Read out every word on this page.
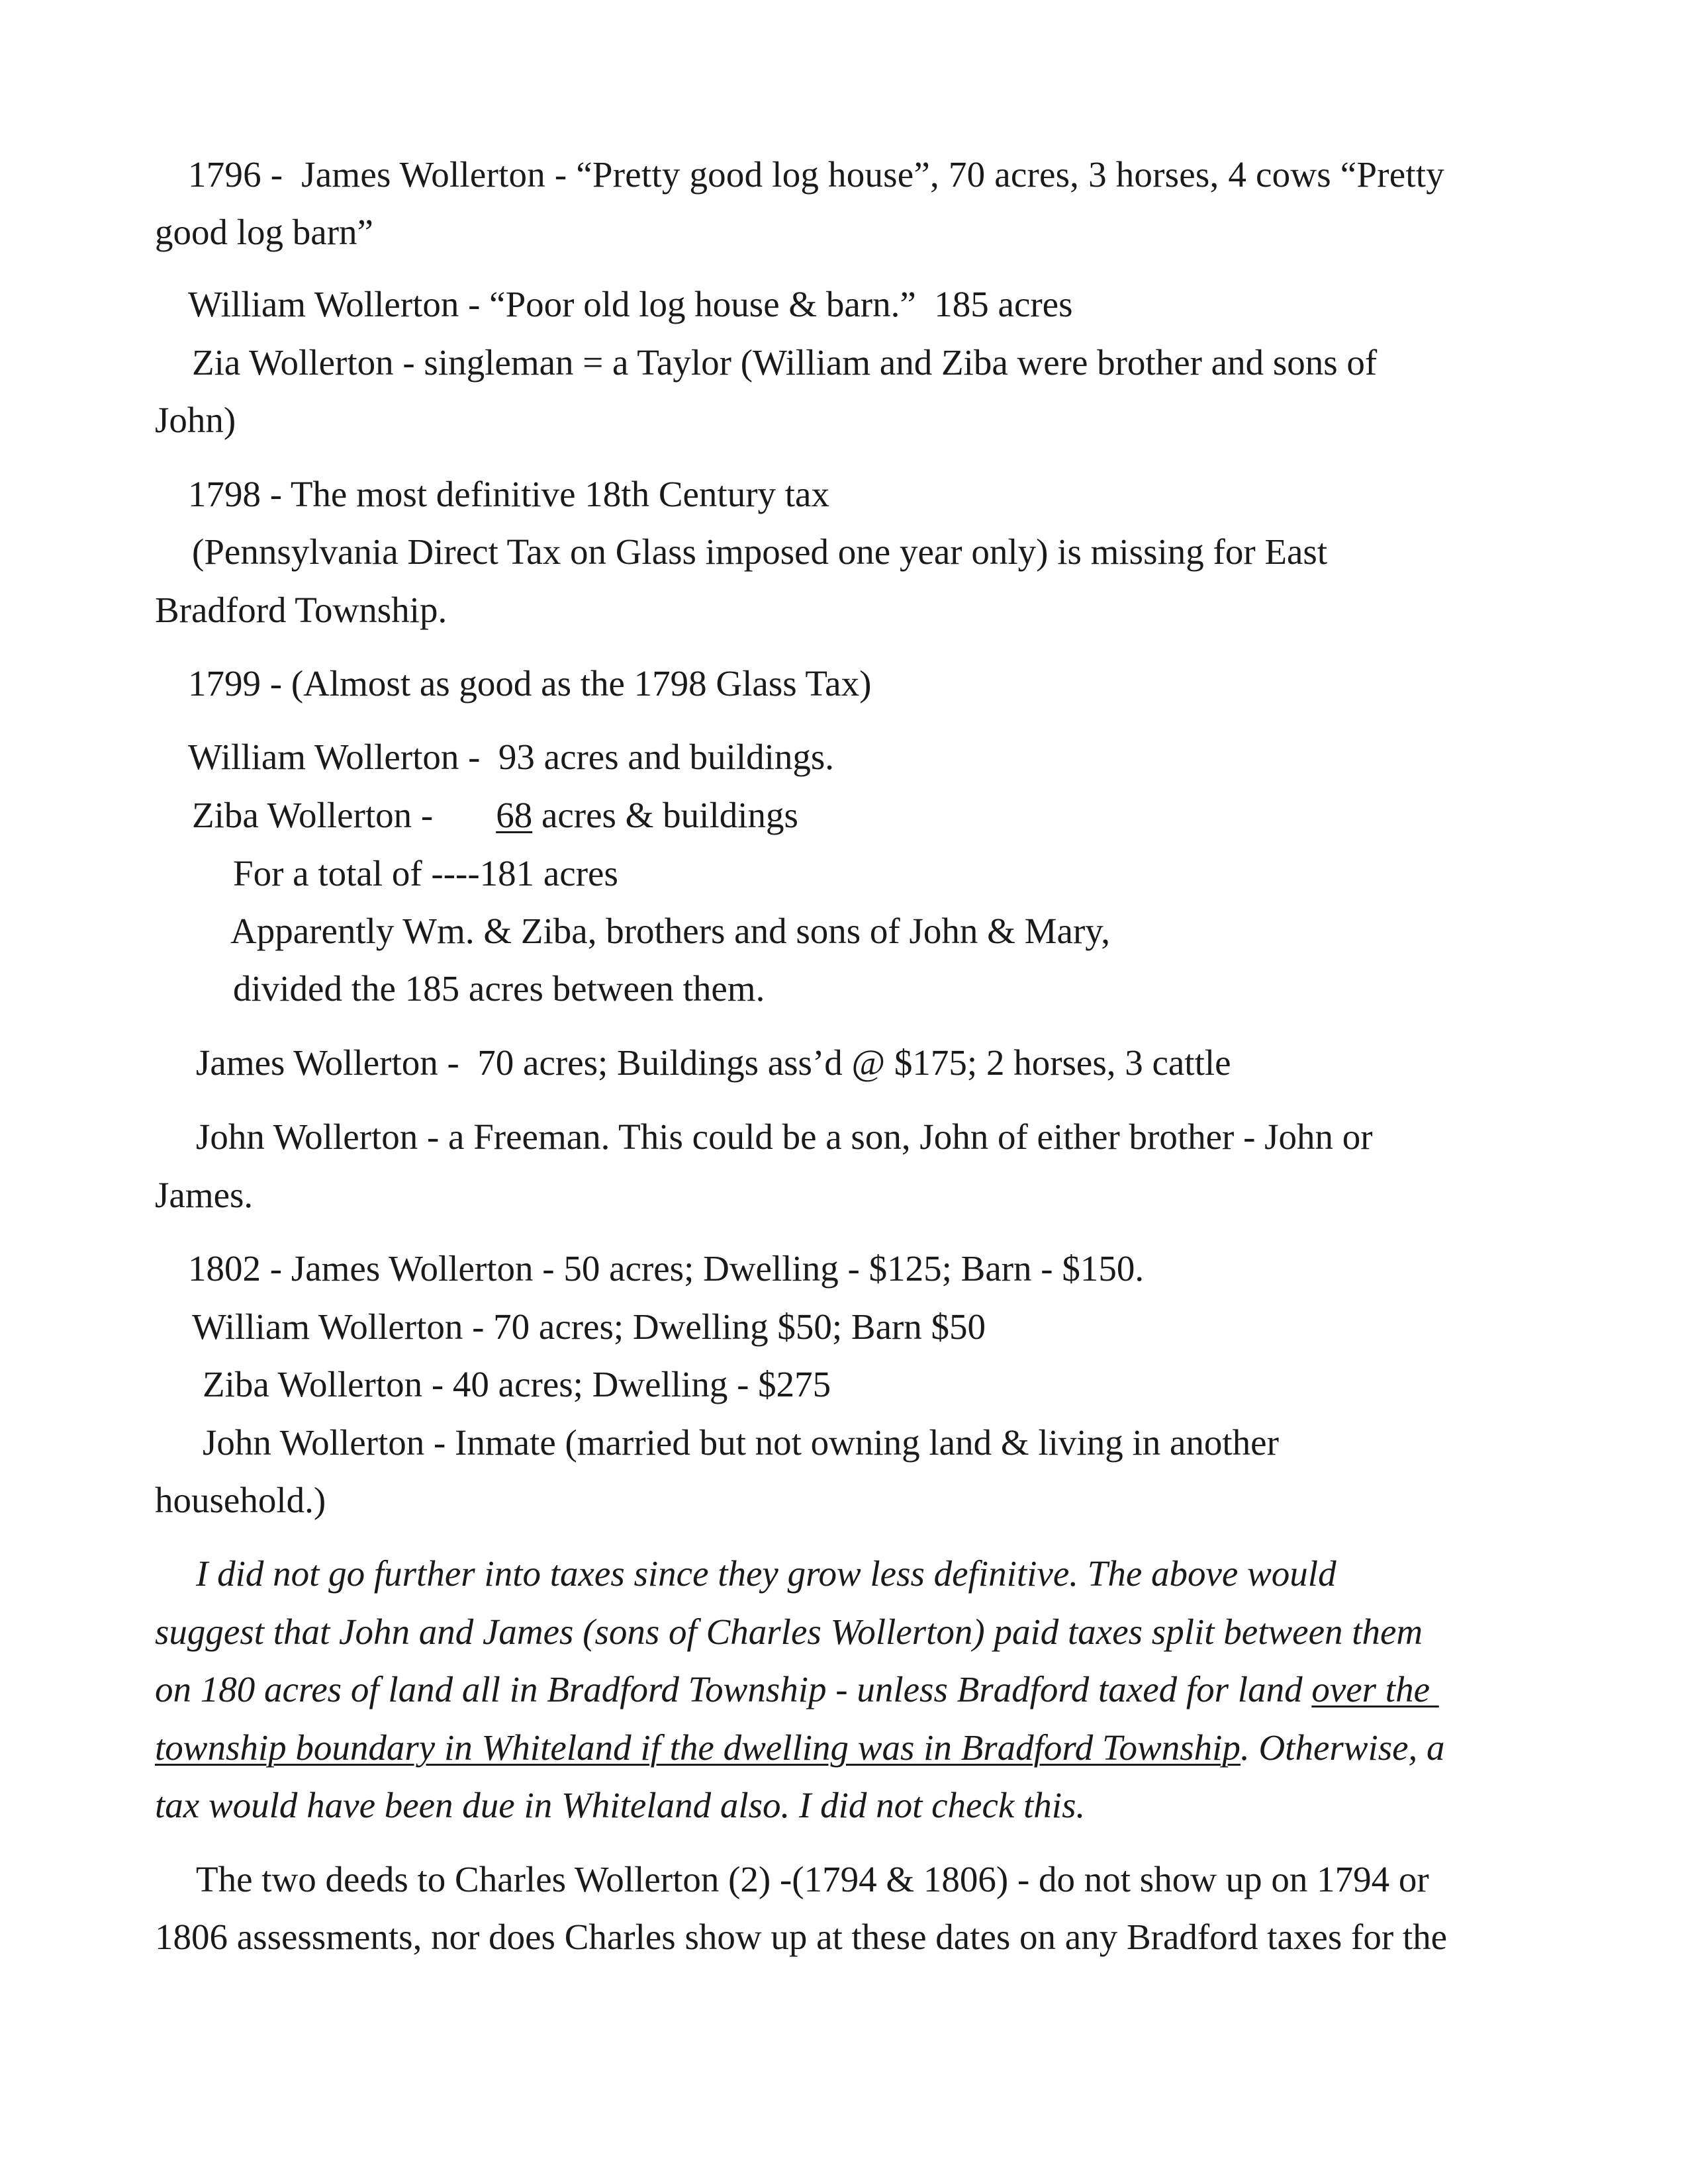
1796 -  James Wollerton - “Pretty good log house”, 70 acres, 3 horses, 4 cows “Pretty
good log barn”
William Wollerton - “Poor old log house & barn.”  185 acres
Zia Wollerton - singleman = a Taylor (William and Ziba were brother and sons of
John)
1798 - The most definitive 18th Century tax
(Pennsylvania Direct Tax on Glass imposed one year only) is missing for East
Bradford Township.
1799 - (Almost as good as the 1798 Glass Tax)
William Wollerton -  93 acres and buildings.
Ziba Wollerton - 68 acres & buildings
For a total of ----181 acres
Apparently Wm. & Ziba, brothers and sons of John & Mary,
divided the 185 acres between them.
James Wollerton -  70 acres; Buildings ass’d @ $175; 2 horses, 3 cattle
John Wollerton - a Freeman. This could be a son, John of either brother - John or
James.
1802 - James Wollerton - 50 acres; Dwelling - $125; Barn - $150.
William Wollerton - 70 acres; Dwelling $50; Barn $50
Ziba Wollerton - 40 acres; Dwelling - $275
John Wollerton - Inmate (married but not owning land & living in another
household.)
I did not go further into taxes since they grow less definitive. The above would
suggest that John and James (sons of Charles Wollerton) paid taxes split between them
on 180 acres of land all in Bradford Township - unless Bradford taxed for land over the
township boundary in Whiteland if the dwelling was in Bradford Township. Otherwise, a
tax would have been due in Whiteland also. I did not check this.
The two deeds to Charles Wollerton (2) -(1794 & 1806) - do not show up on 1794 or
1806 assessments, nor does Charles show up at these dates on any Bradford taxes for the
